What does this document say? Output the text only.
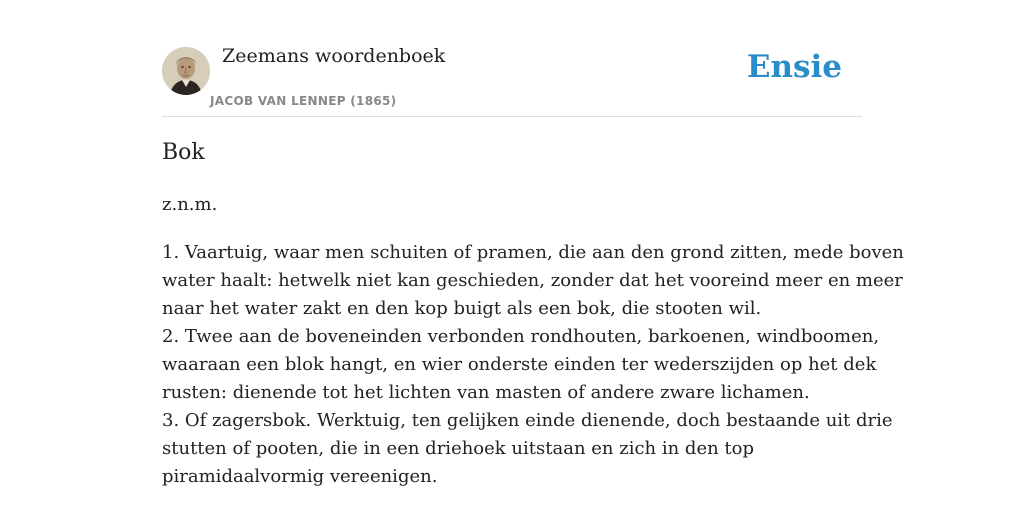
Zeemans woordenboek
JACOB VAN LENNEP (1865)
Ensie
Bok
z.n.m.
1. Vaartuig, waar men schuiten of pramen, die aan den grond zitten, mede boven
water haalt: hetwelk niet kan geschieden, zonder dat het vooreind meer en meer
naar het water zakt en den kop buigt als een bok, die stooten wil.
2. Twee aan de boveneinden verbonden rondhouten, barkoenen, windboomen,
waaraan een blok hangt, en wier onderste einden ter wederszijden op het dek
rusten: dienende tot het lichten van masten of andere zware lichamen.
3. Of zagersbok. Werktuig, ten gelijken einde dienende, doch bestaande uit drie
stutten of pooten, die in een driehoek uitstaan en zich in den top
piramidaalvormig vereenigen.
